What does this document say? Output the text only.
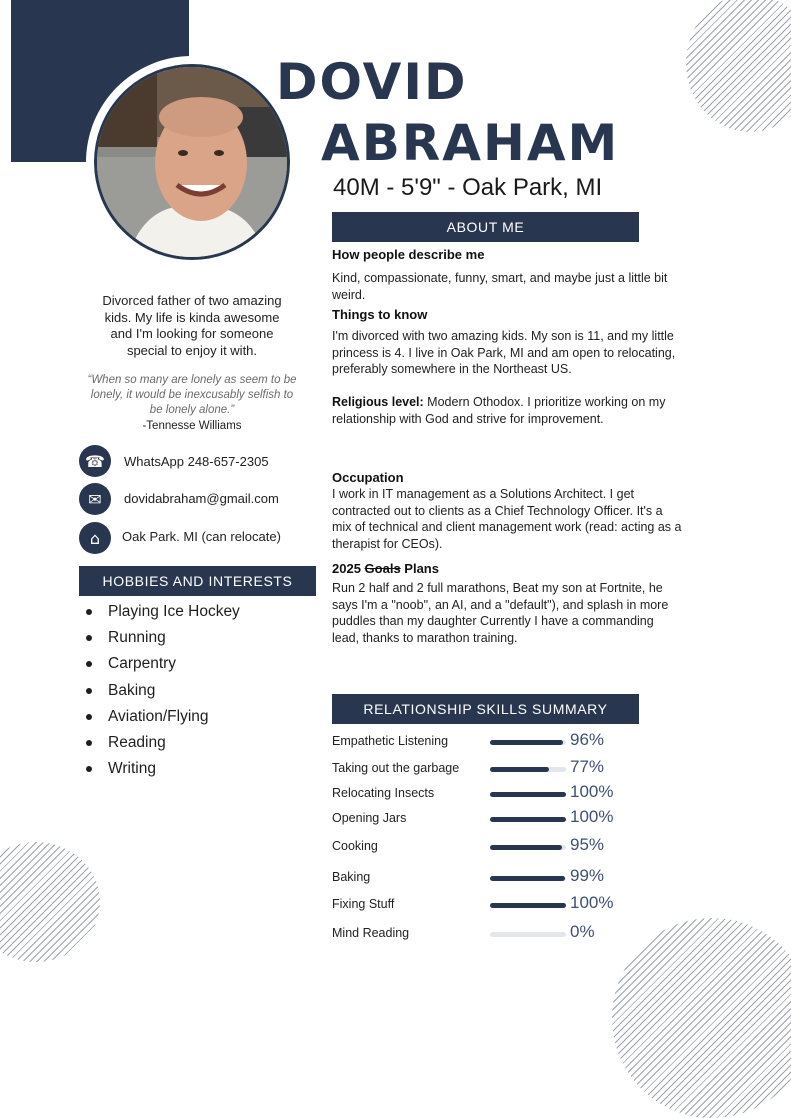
DOVID
ABRAHAM
40M - 5'9" - Oak Park, MI
ABOUT ME
How people describe me
Kind, compassionate, funny, smart, and maybe just a little bit weird.
Things to know
I'm divorced with two amazing kids. My son is 11, and my little princess is 4. I live in Oak Park, MI and am open to relocating, preferably somewhere in the Northeast US.
Religious level: Modern Othodox. I prioritize working on my relationship with God and strive for improvement.
Occupation
I work in IT management as a Solutions Architect. I get contracted out to clients as a Chief Technology Officer. It's a mix of technical and client management work (read: acting as a therapist for CEOs).
2025 Goals Plans
Run 2 half and 2 full marathons, Beat my son at Fortnite, he says I'm a "noob", an AI, and a "default"), and splash in more puddles than my daughter Currently I have a commanding lead, thanks to marathon training.
Divorced father of two amazing kids. My life is kinda awesome and I'm looking for someone special to enjoy it with.
“When so many are lonely as seem to be lonely, it would be inexcusably selfish to be lonely alone.”
-Tennesse Williams
☎	WhatsApp 248-657-2305
✉	dovidabraham@gmail.com
⌂	Oak Park. MI (can relocate)
HOBBIES AND INTERESTS
Playing Ice Hockey
Running
Carpentry
Baking
Aviation/Flying
Reading
Writing
RELATIONSHIP SKILLS SUMMARY
Empathetic Listening	96%
Taking out the garbage	77%
Relocating Insects	100%
Opening Jars	100%
Cooking	95%
Baking	99%
Fixing Stuff	100%
Mind Reading	0%
